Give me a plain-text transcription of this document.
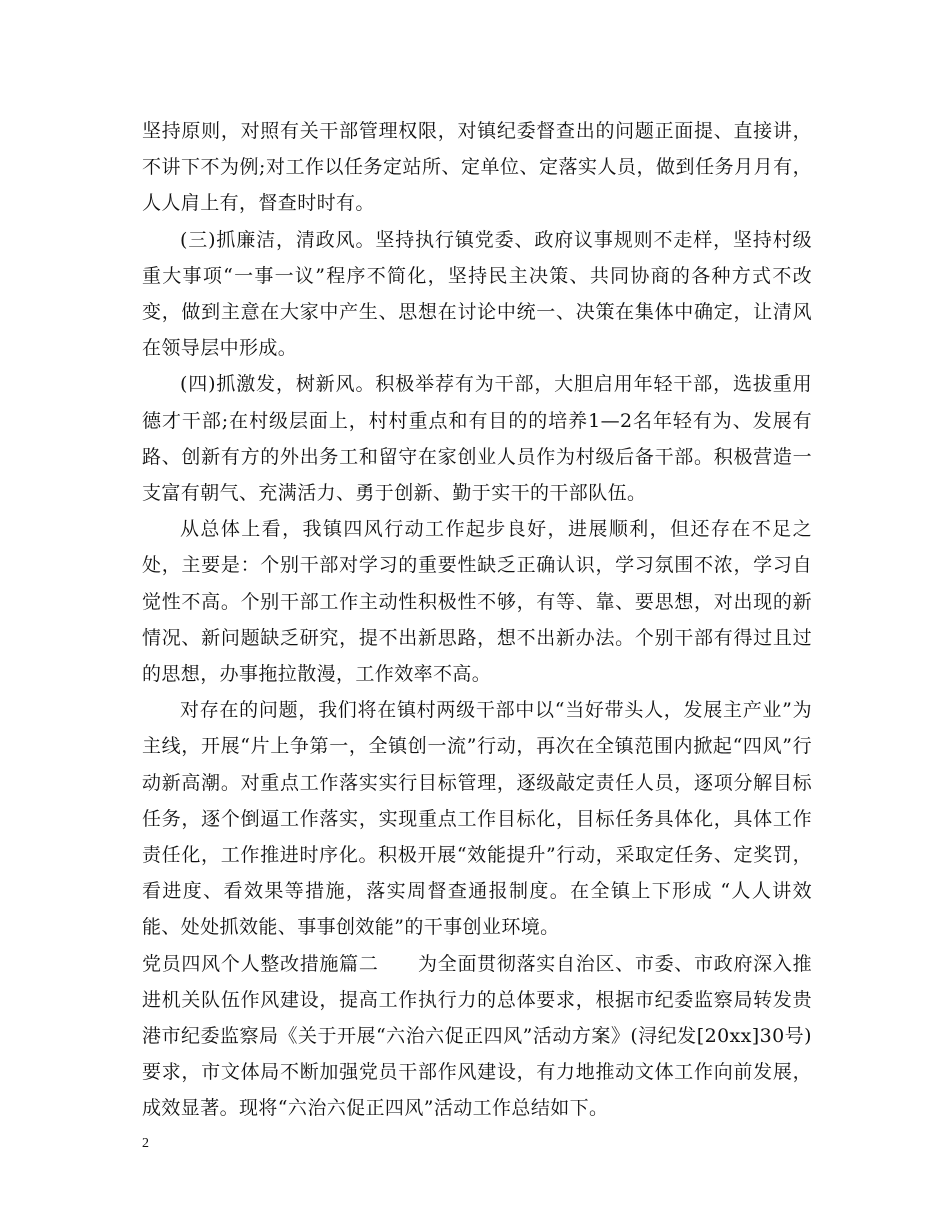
坚持原则，对照有关干部管理权限，对镇纪委督查出的问题正面提、直接讲，不讲下不为例;对工作以任务定站所、定单位、定落实人员，做到任务月月有，人人肩上有，督查时时有。

(三)抓廉洁，清政风。坚持执行镇党委、政府议事规则不走样，坚持村级重大事项“一事一议”程序不简化，坚持民主决策、共同协商的各种方式不改变，做到主意在大家中产生、思想在讨论中统一、决策在集体中确定，让清风在领导层中形成。

(四)抓激发，树新风。积极举荐有为干部，大胆启用年轻干部，选拔重用德才干部;在村级层面上，村村重点和有目的的培养1—2名年轻有为、发展有路、创新有方的外出务工和留守在家创业人员作为村级后备干部。积极营造一支富有朝气、充满活力、勇于创新、勤于实干的干部队伍。

从总体上看，我镇四风行动工作起步良好，进展顺利，但还存在不足之处，主要是：个别干部对学习的重要性缺乏正确认识，学习氛围不浓，学习自觉性不高。个别干部工作主动性积极性不够，有等、靠、要思想，对出现的新情况、新问题缺乏研究，提不出新思路，想不出新办法。个别干部有得过且过的思想，办事拖拉散漫，工作效率不高。

对存在的问题，我们将在镇村两级干部中以“当好带头人，发展主产业”为主线，开展“片上争第一，全镇创一流”行动，再次在全镇范围内掀起“四风”行动新高潮。对重点工作落实实行目标管理，逐级敲定责任人员，逐项分解目标任务，逐个倒逼工作落实，实现重点工作目标化，目标任务具体化，具体工作责任化，工作推进时序化。积极开展“效能提升”行动，采取定任务、定奖罚，看进度、看效果等措施，落实周督查通报制度。在全镇上下形成 “人人讲效能、处处抓效能、事事创效能”的干事创业环境。

党员四风个人整改措施篇二　　为全面贯彻落实自治区、市委、市政府深入推进机关队伍作风建设，提高工作执行力的总体要求，根据市纪委监察局转发贵港市纪委监察局《关于开展“六治六促正四风”活动方案》(浔纪发[20xx]30号)要求，市文体局不断加强党员干部作风建设，有力地推动文体工作向前发展，成效显著。现将“六治六促正四风”活动工作总结如下。

2
